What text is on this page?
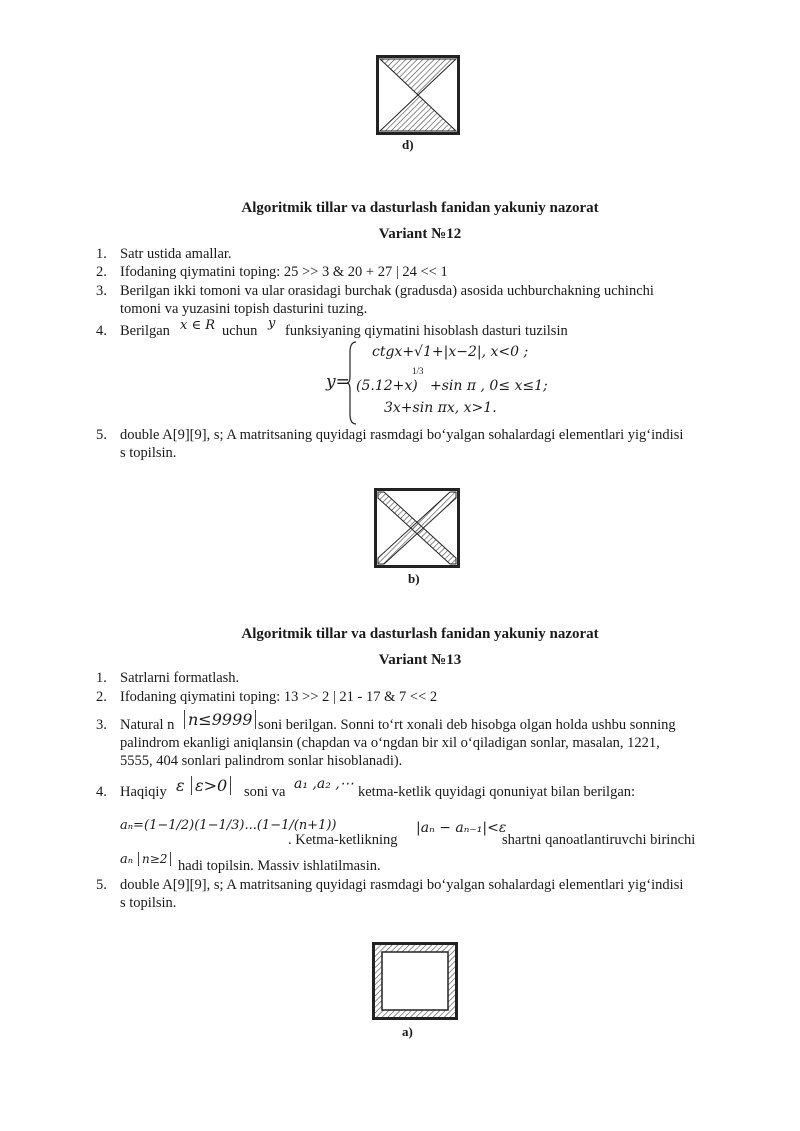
d)
Algoritmik tillar va dasturlash fanidan yakuniy nazorat
Variant №12
1. Satr ustida amallar.
2. Ifodaning qiymatini toping: 25 >> 3 & 20 + 27 | 24 << 1
3. Berilgan ikki tomoni va ular orasidagi burchak (gradusda) asosida uchburchakning uchinchi
tomoni va yuzasini topish dasturini tuzing.
4. Berilgan x ∈ R uchun y funksiyaning qiymatini hisoblash dasturi tuzilsin
y=
ctgx+√1+|x−2|, x<0 ;
(5.12+x)
1/3
+sin π , 0≤ x≤1;
3x+sin πx, x>1.
5. double A[9][9], s; A matritsaning quyidagi rasmdagi bo‘yalgan sohalardagi elementlari yig‘indisi
s topilsin.
b)
Algoritmik tillar va dasturlash fanidan yakuniy nazorat
Variant №13
1. Satrlarni formatlash.
2. Ifodaning qiymatini toping: 13 >> 2 | 21 - 17 & 7 << 2
3. Natural n n≤9999 soni berilgan. Sonni to‘rt xonali deb hisobga olgan holda ushbu sonning
palindrom ekanligi aniqlansin (chapdan va o‘ngdan bir xil o‘qiladigan sonlar, masalan, 1221,
5555, 404 sonlari palindrom sonlar hisoblanadi).
4. Haqiqiy ε ε>0 soni va a₁ ,a₂ ,⋯ ketma-ketlik quyidagi qonuniyat bilan berilgan:
aₙ= (1−1/2)(1−1/3)...(1−1/(n+1))
. Ketma-ketlikning
|aₙ − aₙ₋₁|<ε
shartni qanoatlantiruvchi birinchi
aₙ n≥2 hadi topilsin. Massiv ishlatilmasin.
5. double A[9][9], s; A matritsaning quyidagi rasmdagi bo‘yalgan sohalardagi elementlari yig‘indisi
s topilsin.
a)
